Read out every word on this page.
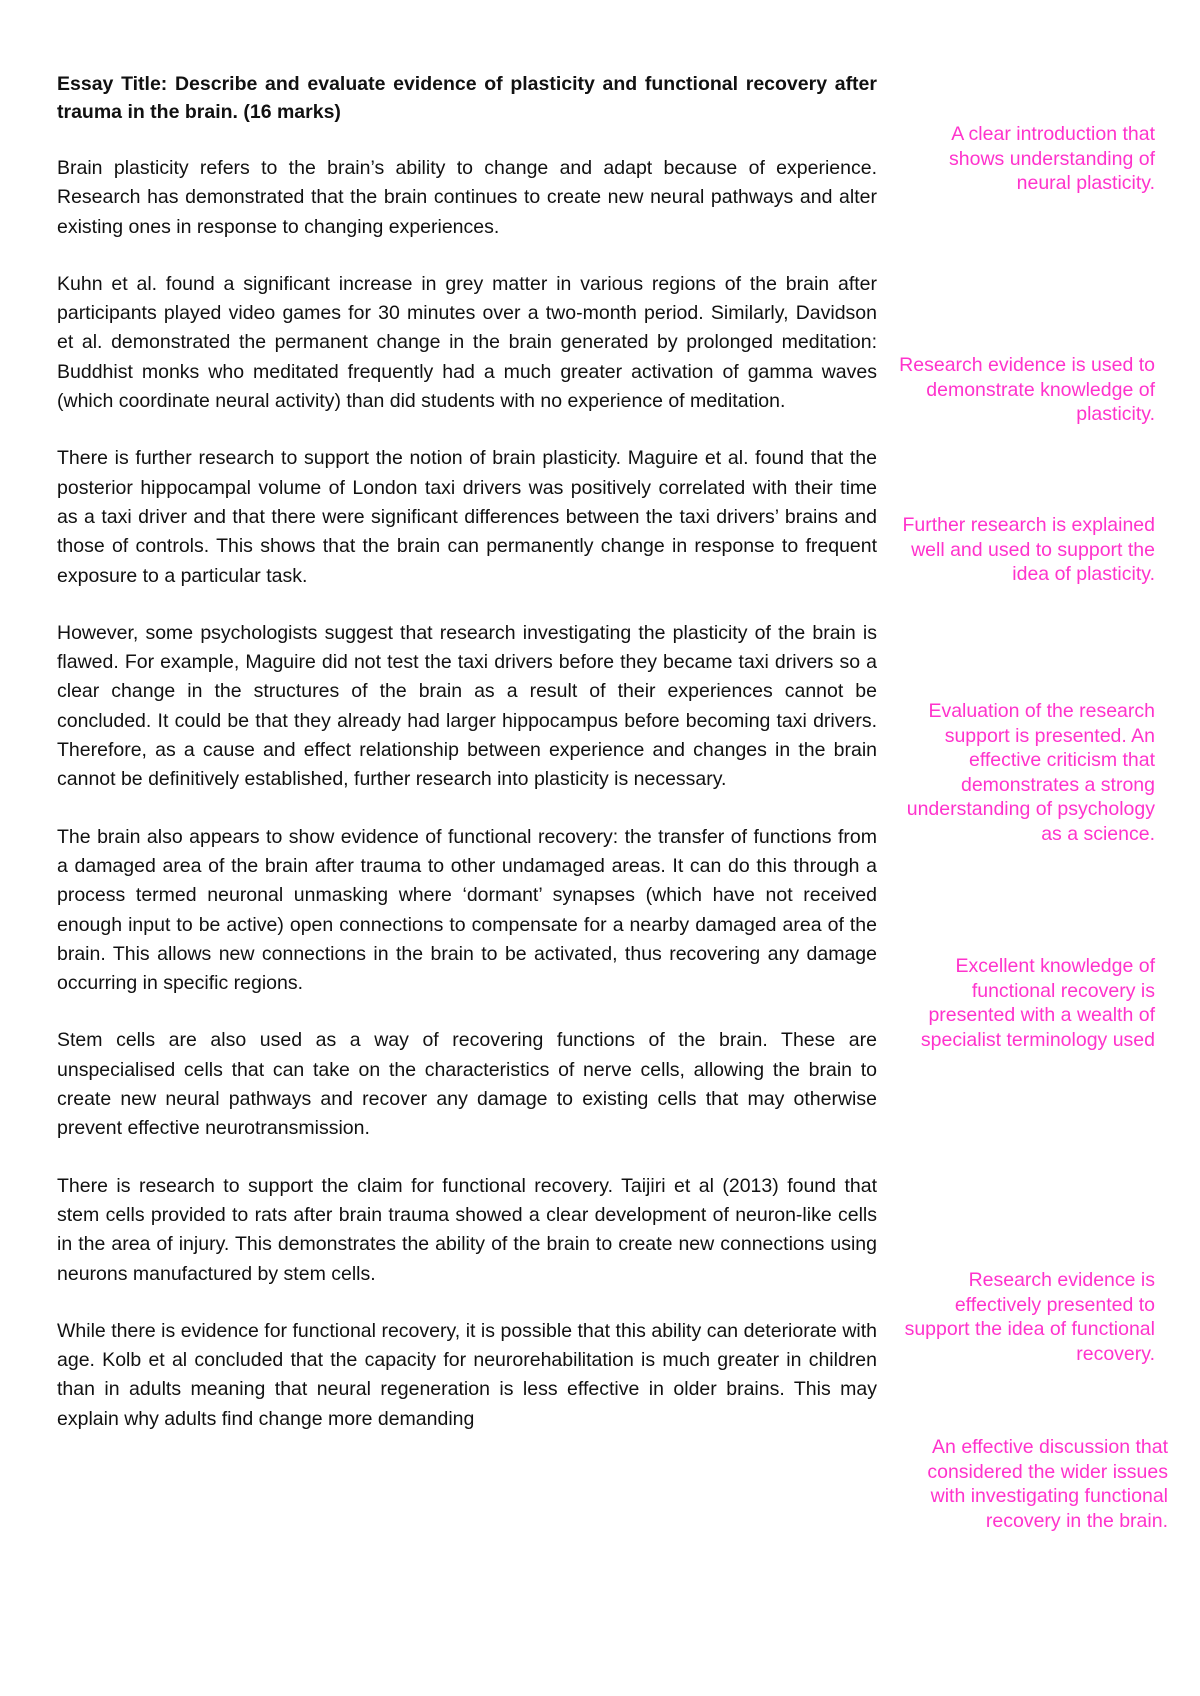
Essay Title: Describe and evaluate evidence of plasticity and functional recovery after trauma in the brain. (16 marks)

Brain plasticity refers to the brain’s ability to change and adapt because of experience. Research has demonstrated that the brain continues to create new neural pathways and alter existing ones in response to changing experiences.

Kuhn et al. found a significant increase in grey matter in various regions of the brain after participants played video games for 30 minutes over a two-month period. Similarly, Davidson et al. demonstrated the permanent change in the brain generated by prolonged meditation: Buddhist monks who meditated frequently had a much greater activation of gamma waves (which coordinate neural activity) than did students with no experience of meditation.

There is further research to support the notion of brain plasticity. Maguire et al. found that the posterior hippocampal volume of London taxi drivers was positively correlated with their time as a taxi driver and that there were significant differences between the taxi drivers’ brains and those of controls. This shows that the brain can permanently change in response to frequent exposure to a particular task.

However, some psychologists suggest that research investigating the plasticity of the brain is flawed. For example, Maguire did not test the taxi drivers before they became taxi drivers so a clear change in the structures of the brain as a result of their experiences cannot be concluded. It could be that they already had larger hippocampus before becoming taxi drivers. Therefore, as a cause and effect relationship between experience and changes in the brain cannot be definitively established, further research into plasticity is necessary.

The brain also appears to show evidence of functional recovery: the transfer of functions from a damaged area of the brain after trauma to other undamaged areas. It can do this through a process termed neuronal unmasking where ‘dormant’ synapses (which have not received enough input to be active) open connections to compensate for a nearby damaged area of the brain. This allows new connections in the brain to be activated, thus recovering any damage occurring in specific regions.

Stem cells are also used as a way of recovering functions of the brain. These are unspecialised cells that can take on the characteristics of nerve cells, allowing the brain to create new neural pathways and recover any damage to existing cells that may otherwise prevent effective neurotransmission.

There is research to support the claim for functional recovery. Taijiri et al (2013) found that stem cells provided to rats after brain trauma showed a clear development of neuron-like cells in the area of injury. This demonstrates the ability of the brain to create new connections using neurons manufactured by stem cells.

While there is evidence for functional recovery, it is possible that this ability can deteriorate with age. Kolb et al concluded that the capacity for neurorehabilitation is much greater in children than in adults meaning that neural regeneration is less effective in older brains. This may explain why adults find change more demanding

A clear introduction that shows understanding of neural plasticity.
Research evidence is used to demonstrate knowledge of plasticity.
Further research is explained well and used to support the idea of plasticity.
Evaluation of the research support is presented. An effective criticism that demonstrates a strong understanding of psychology as a science.
Excellent knowledge of functional recovery is presented with a wealth of specialist terminology used
Research evidence is effectively presented to support the idea of functional recovery.
An effective discussion that considered the wider issues with investigating functional recovery in the brain.
